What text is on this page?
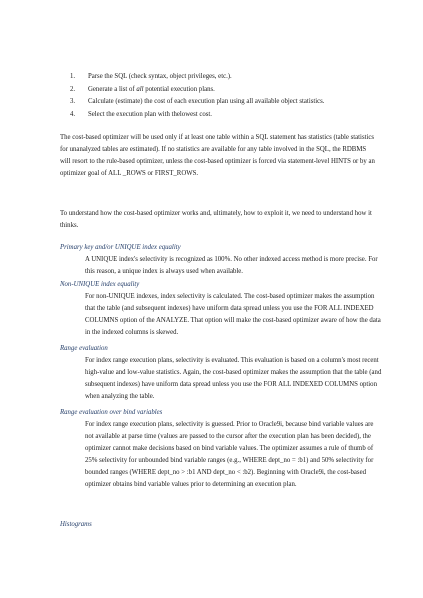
1.	Parse the SQL (check syntax, object privileges, etc.).
2.	Generate a list of all potential execution plans.
3.	Calculate (estimate) the cost of each execution plan using all available object statistics.
4.	Select the execution plan with thelowest cost.

The cost-based optimizer will be used only if at least one table within a SQL statement has statistics (table statistics for unanalyzed tables are estimated). If no statistics are available for any table involved in the SQL, the RDBMS will resort to the rule-based optimizer, unless the cost-based optimizer is forced via statement-level HINTS or by an optimizer goal of ALL _ROWS or FIRST_ROWS.

To understand how the cost-based optimizer works and, ultimately, how to exploit it, we need to understand how it thinks.

Primary key and/or UNIQUE index equality

A UNIQUE index's selectivity is recognized as 100%. No other indexed access method is more precise. For this reason, a unique index is always used when available.

Non-UNIQUE index equality

For non-UNIQUE indexes, index selectivity is calculated. The cost-based optimizer makes the assumption that the table (and subsequent indexes) have uniform data spread unless you use the FOR ALL INDEXED COLUMNS option of the ANALYZE. That option will make the cost-based optimizer aware of how the data in the indexed columns is skewed.

Range evaluation

For index range execution plans, selectivity is evaluated. This evaluation is based on a column's most recent high-value and low-value statistics. Again, the cost-based optimizer makes the assumption that the table (and subsequent indexes) have uniform data spread unless you use the FOR ALL INDEXED COLUMNS option when analyzing the table.

Range evaluation over bind variables

For index range execution plans, selectivity is guessed. Prior to Oracle9i, because bind variable values are not available at parse time (values are passed to the cursor after the execution plan has been decided), the optimizer cannot make decisions based on bind variable values. The optimizer assumes a rule of thumb of 25% selectivity for unbounded bind variable ranges (e.g., WHERE dept_no = :b1) and 50% selectivity for bounded ranges (WHERE dept_no > :b1 AND dept_no < :b2). Beginning with Oracle9i, the cost-based optimizer obtains bind variable values prior to determining an execution plan.

Histograms
